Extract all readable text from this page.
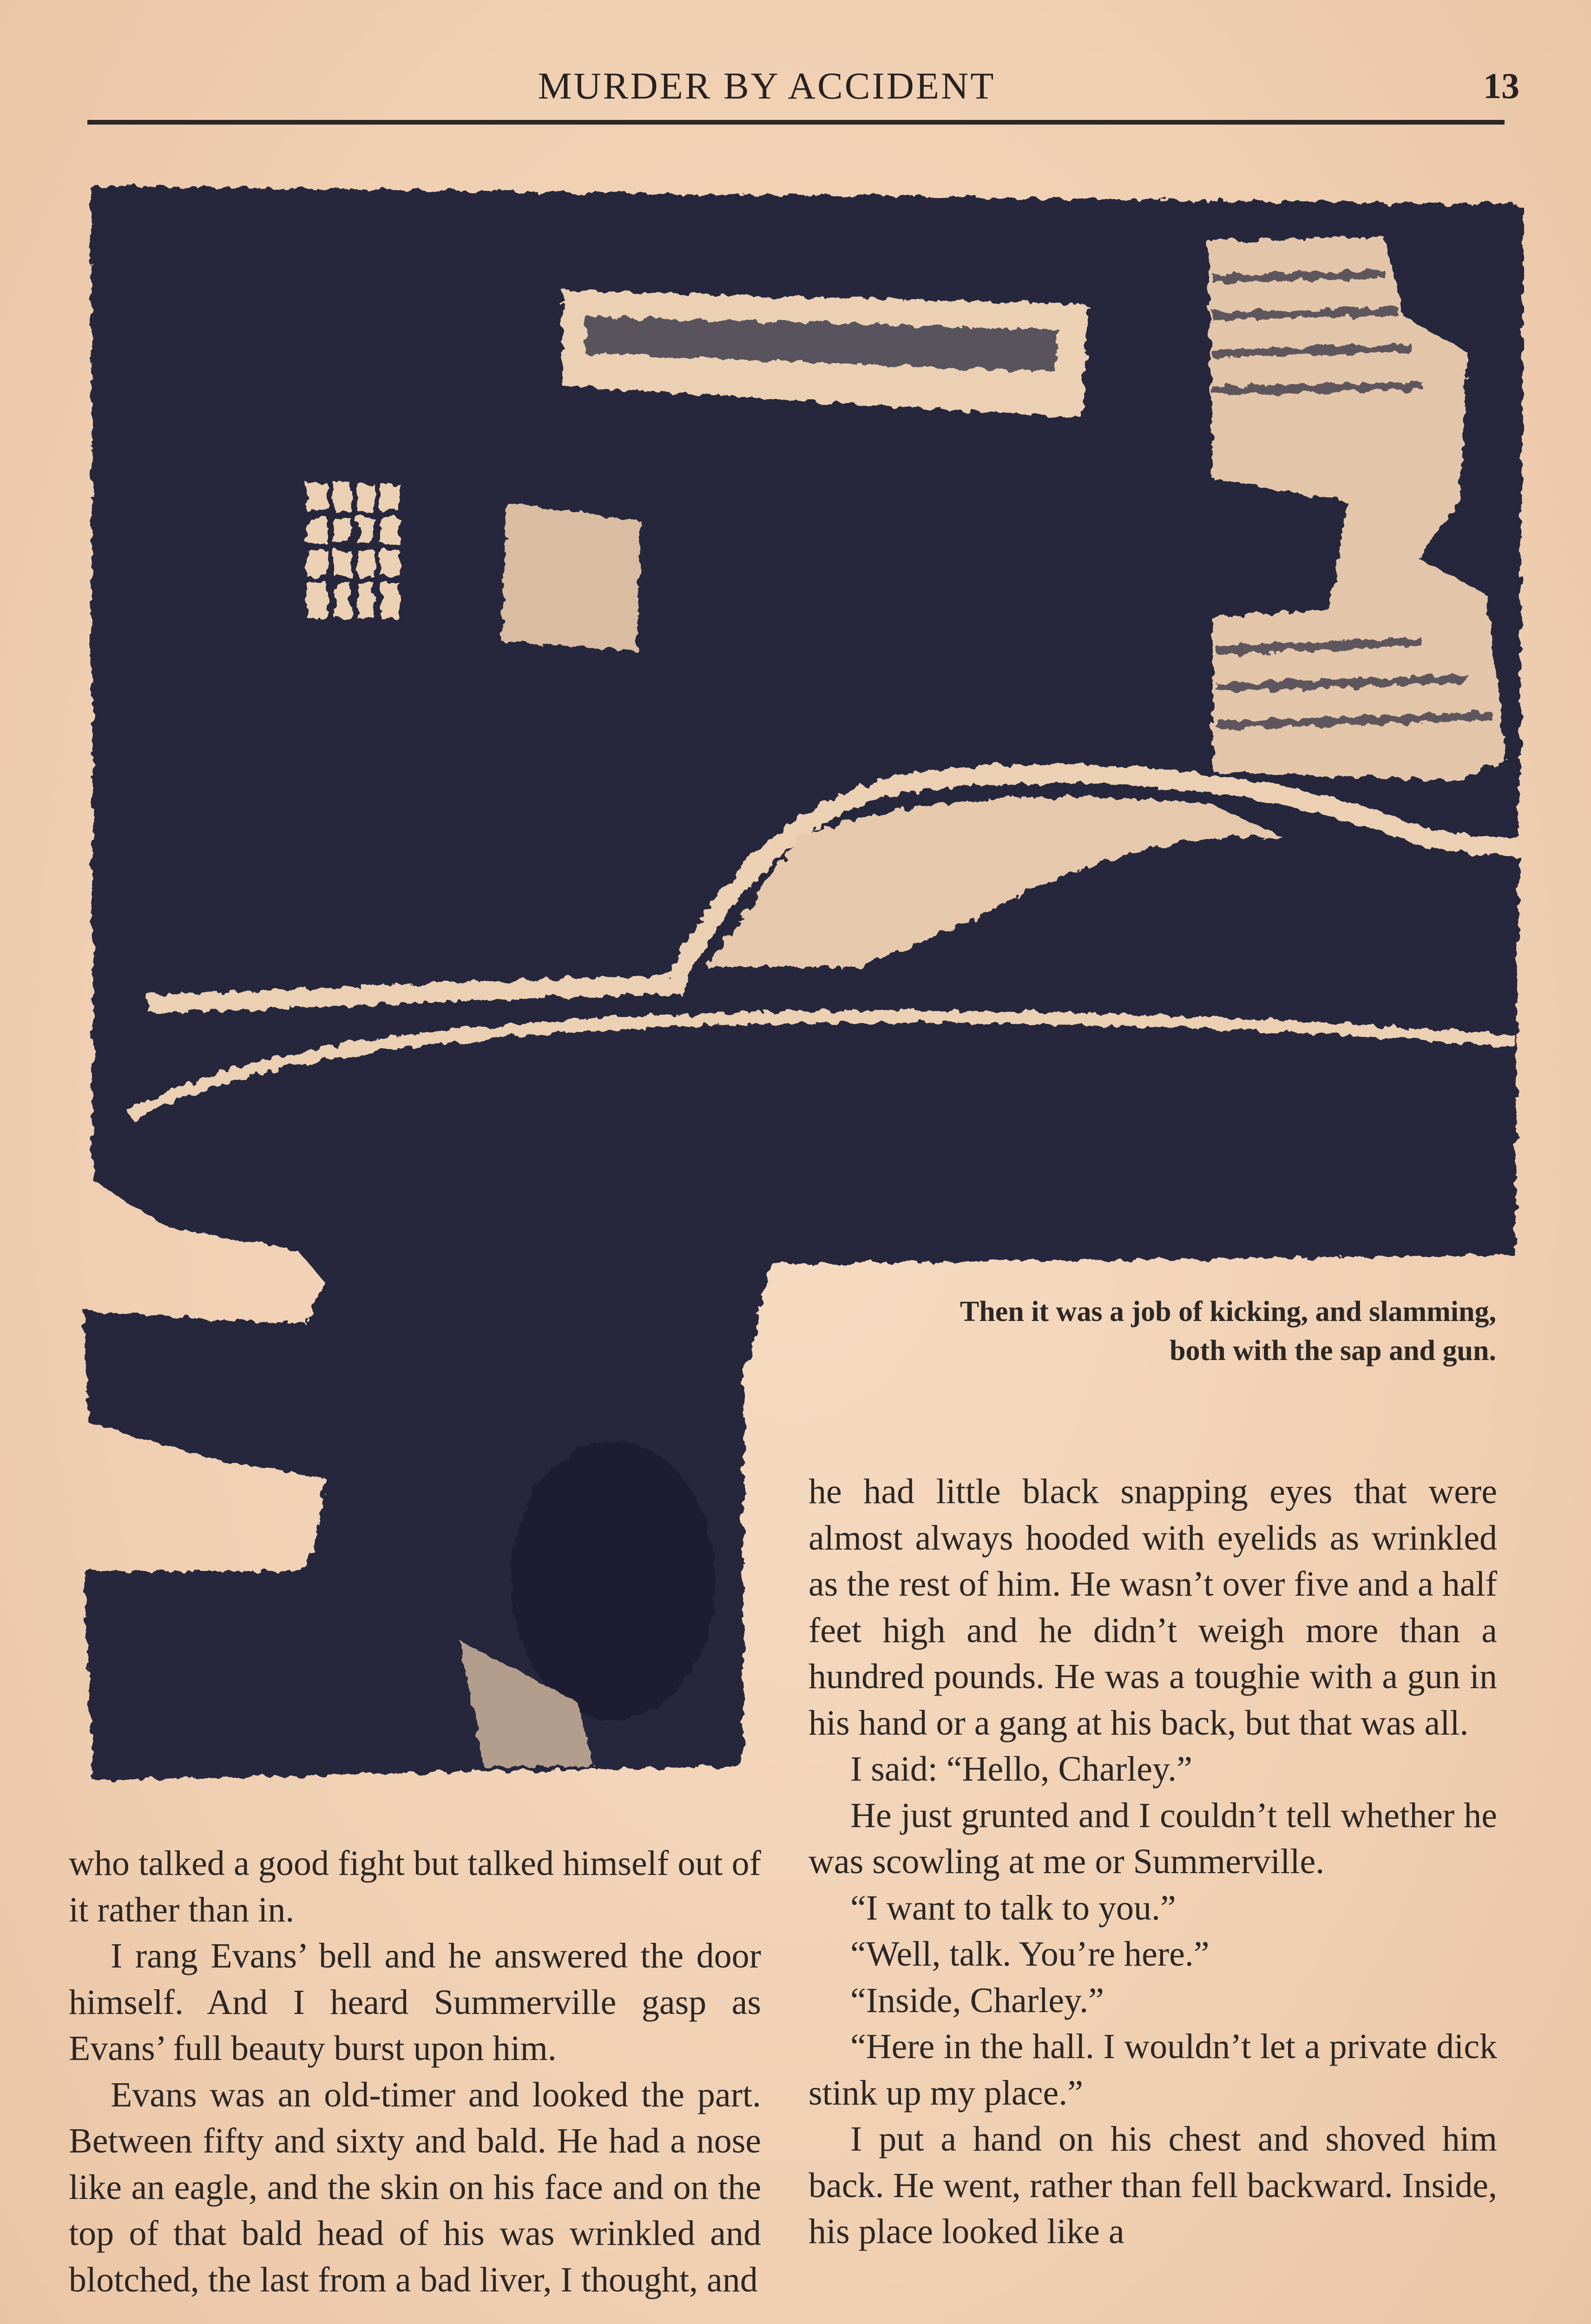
MURDER BY ACCIDENT	13
Then it was a job of kicking, and slamming, both with the sap and gun.

who talked a good fight but talked himself out of it rather than in.

I rang Evans’ bell and he answered the door himself. And I heard Summerville gasp as Evans’ full beauty burst upon him.

Evans was an old-timer and looked the part. Between fifty and sixty and bald. He had a nose like an eagle, and the skin on his face and on the top of that bald head of his was wrinkled and blotched, the last from a bad liver, I thought, and

he had little black snapping eyes that were almost always hooded with eyelids as wrinkled as the rest of him. He wasn’t over five and a half feet high and he didn’t weigh more than a hundred pounds. He was a toughie with a gun in his hand or a gang at his back, but that was all.

I said: “Hello, Charley.”

He just grunted and I couldn’t tell whether he was scowling at me or Summerville.

“I want to talk to you.”

“Well, talk. You’re here.”

“Inside, Charley.”

“Here in the hall. I wouldn’t let a private dick stink up my place.”

I put a hand on his chest and shoved him back. He went, rather than fell backward. Inside, his place looked like a
